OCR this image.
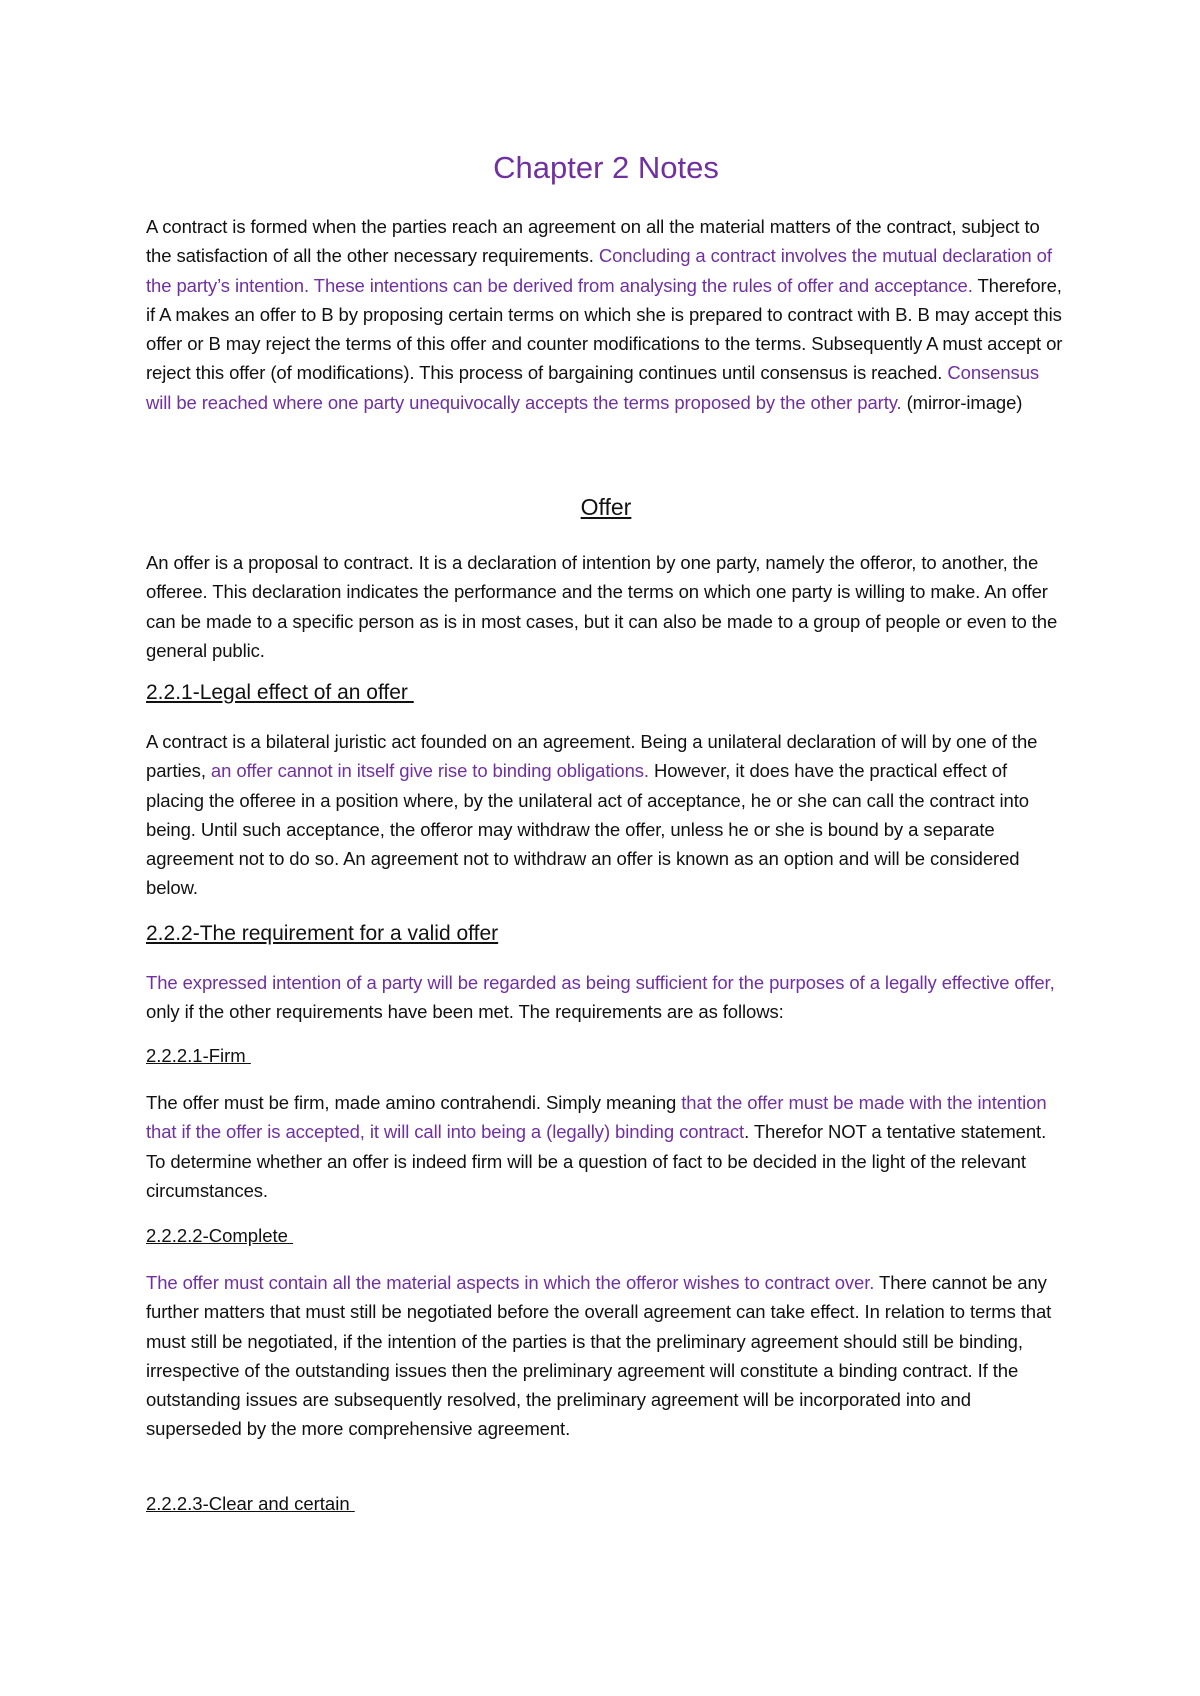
Chapter 2 Notes

A contract is formed when the parties reach an agreement on all the material matters of the contract, subject to the satisfaction of all the other necessary requirements. Concluding a contract involves the mutual declaration of the party’s intention. These intentions can be derived from analysing the rules of offer and acceptance. Therefore, if A makes an offer to B by proposing certain terms on which she is prepared to contract with B. B may accept this offer or B may reject the terms of this offer and counter modifications to the terms. Subsequently A must accept or reject this offer (of modifications). This process of bargaining continues until consensus is reached. Consensus will be reached where one party unequivocally accepts the terms proposed by the other party. (mirror-image)

Offer

An offer is a proposal to contract. It is a declaration of intention by one party, namely the offeror, to another, the offeree. This declaration indicates the performance and the terms on which one party is willing to make. An offer can be made to a specific person as is in most cases, but it can also be made to a group of people or even to the general public.

2.2.1-Legal effect of an offer

A contract is a bilateral juristic act founded on an agreement. Being a unilateral declaration of will by one of the parties, an offer cannot in itself give rise to binding obligations. However, it does have the practical effect of placing the offeree in a position where, by the unilateral act of acceptance, he or she can call the contract into being. Until such acceptance, the offeror may withdraw the offer, unless he or she is bound by a separate agreement not to do so. An agreement not to withdraw an offer is known as an option and will be considered below.

2.2.2-The requirement for a valid offer

The expressed intention of a party will be regarded as being sufficient for the purposes of a legally effective offer, only if the other requirements have been met. The requirements are as follows:

2.2.2.1-Firm

The offer must be firm, made amino contrahendi. Simply meaning that the offer must be made with the intention that if the offer is accepted, it will call into being a (legally) binding contract. Therefor NOT a tentative statement. To determine whether an offer is indeed firm will be a question of fact to be decided in the light of the relevant circumstances.

2.2.2.2-Complete

The offer must contain all the material aspects in which the offeror wishes to contract over. There cannot be any further matters that must still be negotiated before the overall agreement can take effect. In relation to terms that must still be negotiated, if the intention of the parties is that the preliminary agreement should still be binding, irrespective of the outstanding issues then the preliminary agreement will constitute a binding contract. If the outstanding issues are subsequently resolved, the preliminary agreement will be incorporated into and superseded by the more comprehensive agreement.

2.2.2.3-Clear and certain
